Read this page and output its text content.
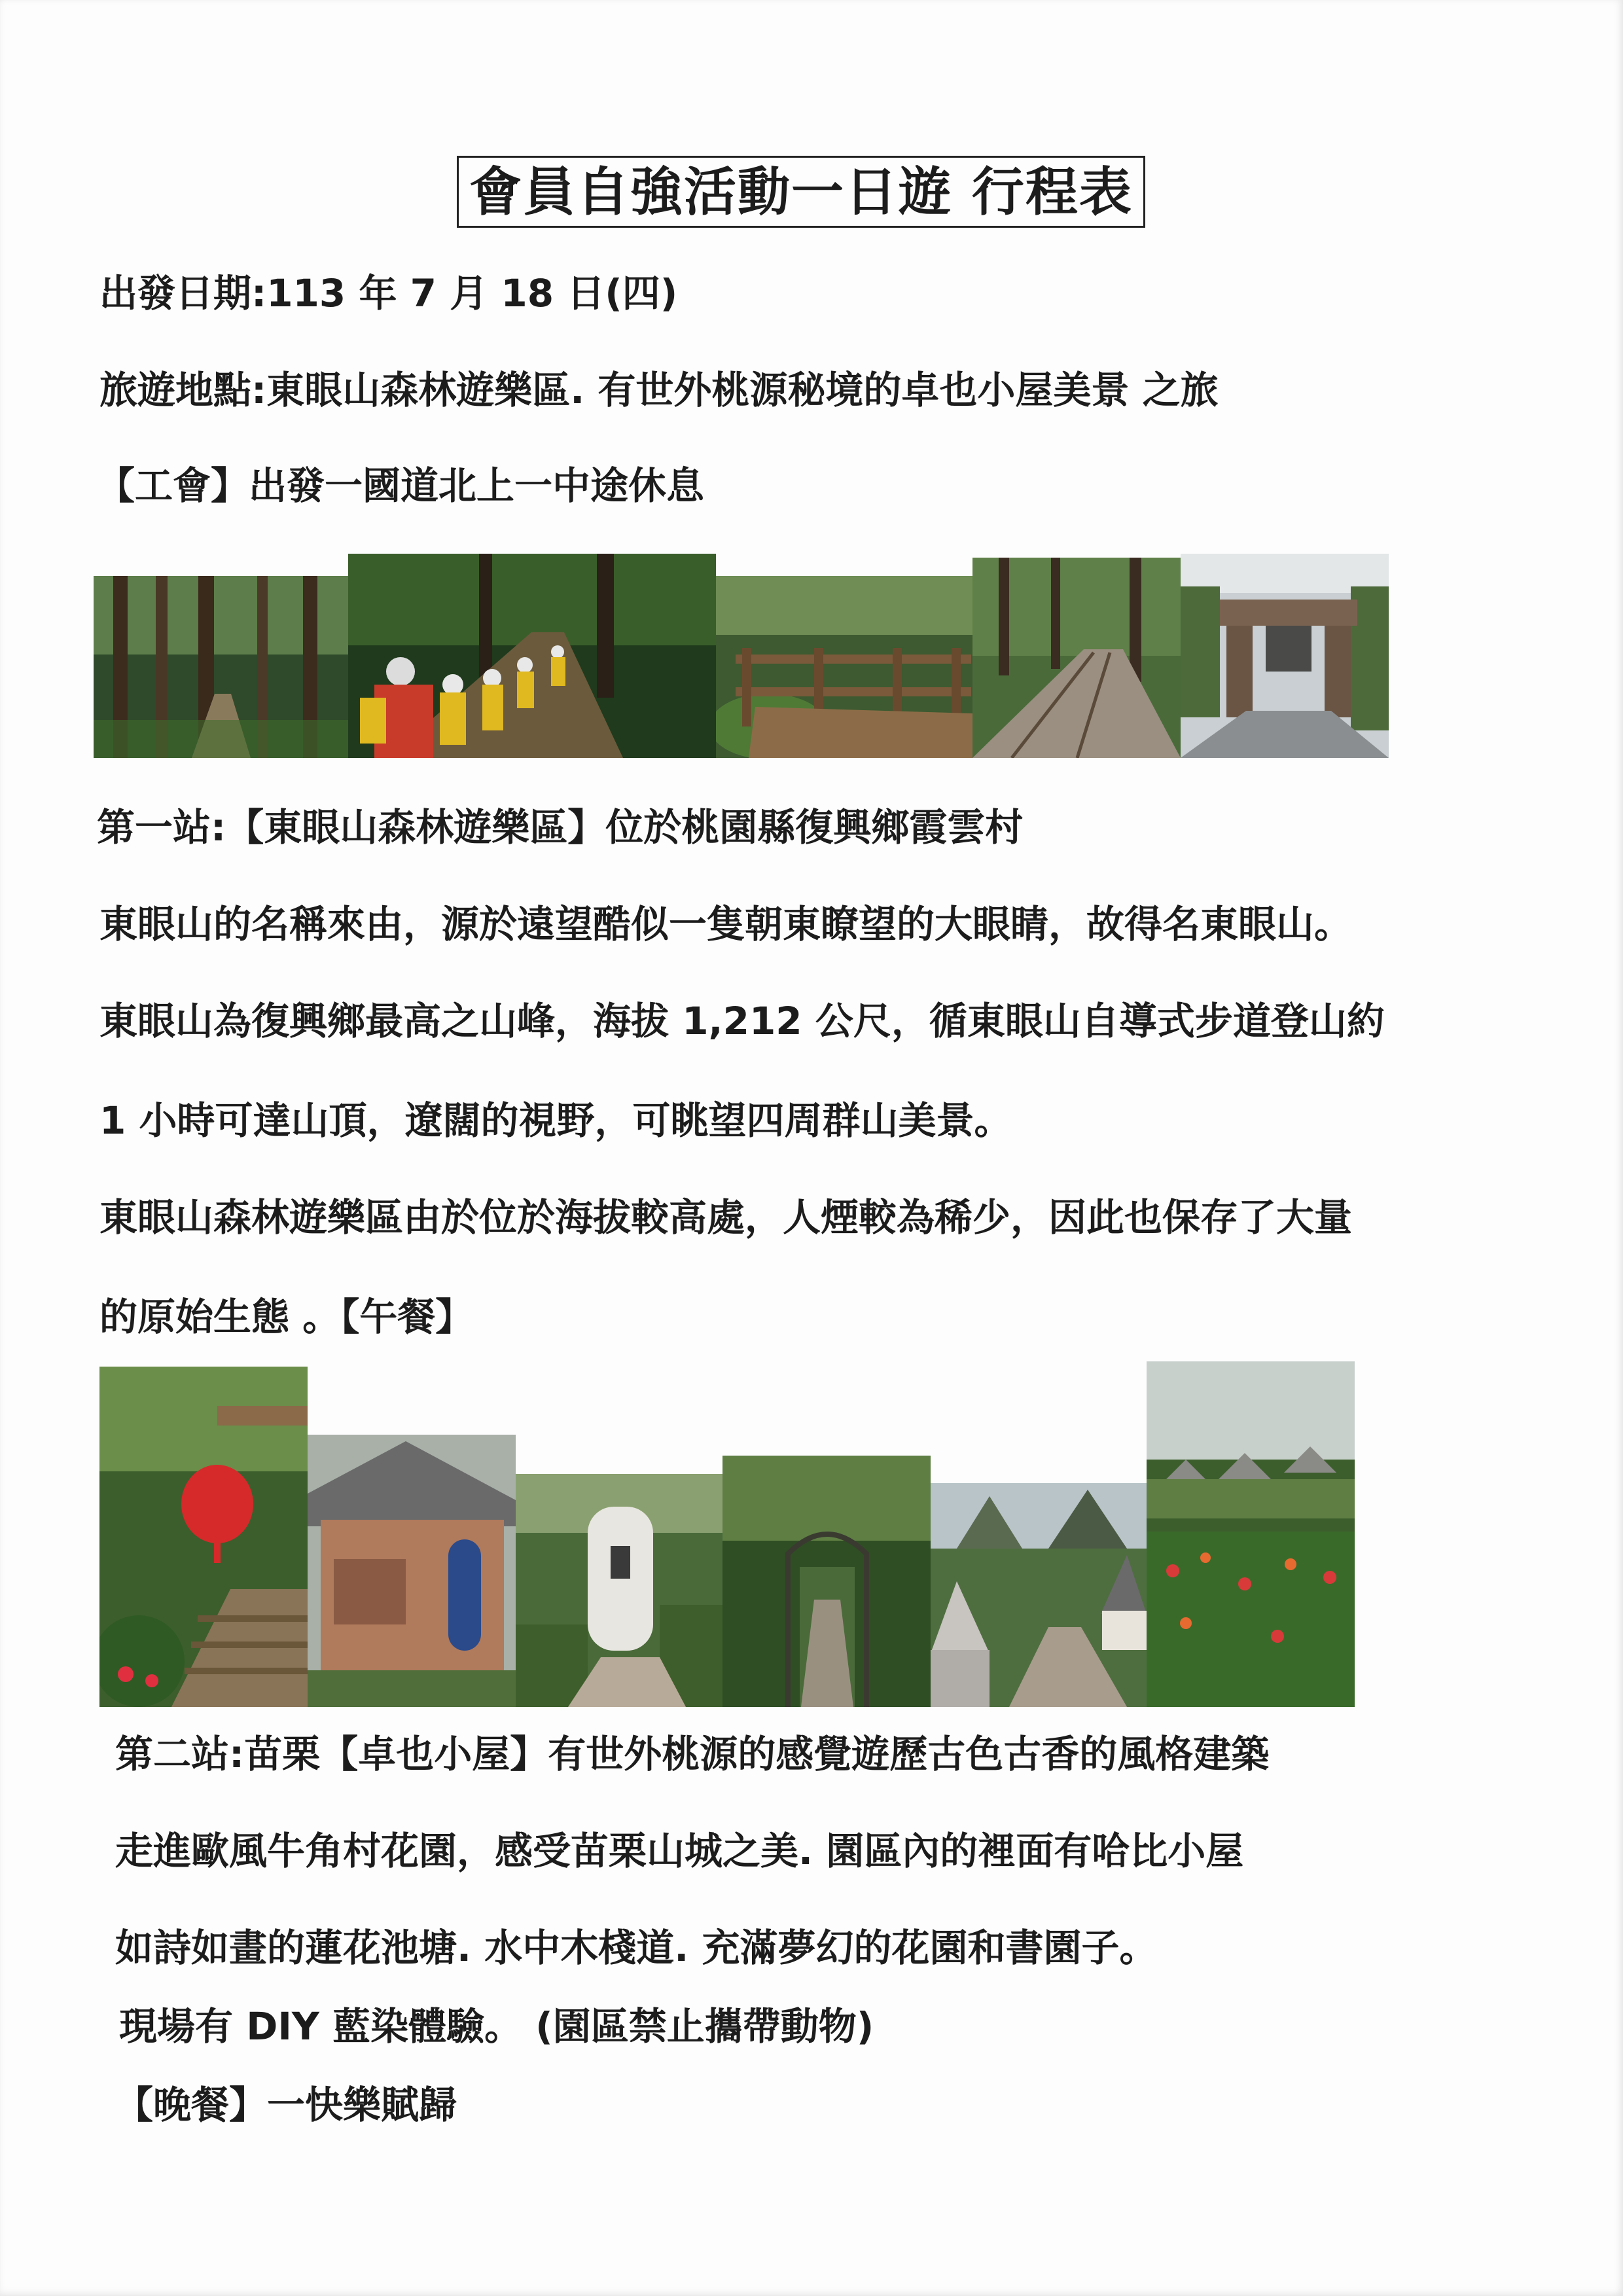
會員自強活動一日遊 行程表
出發日期:113 年 7 月 18 日(四)
旅遊地點:東眼山森林遊樂區. 有世外桃源秘境的卓也小屋美景 之旅
【工會】出發一國道北上一中途休息
第一站:【東眼山森林遊樂區】位於桃園縣復興鄉霞雲村
東眼山的名稱來由，源於遠望酷似一隻朝東瞭望的大眼睛，故得名東眼山。
東眼山為復興鄉最高之山峰，海拔 1,212 公尺，循東眼山自導式步道登山約
1 小時可達山頂，遼闊的視野，可眺望四周群山美景。
東眼山森林遊樂區由於位於海拔較高處，人煙較為稀少，因此也保存了大量
的原始生態 。【午餐】
第二站:苗栗【卓也小屋】有世外桃源的感覺遊歷古色古香的風格建築
走進歐風牛角村花園，感受苗栗山城之美. 園區內的裡面有哈比小屋
如詩如畫的蓮花池塘. 水中木棧道. 充滿夢幻的花園和書園子。
現場有 DIY 藍染體驗。 (園區禁止攜帶動物)
【晚餐】一快樂賦歸
